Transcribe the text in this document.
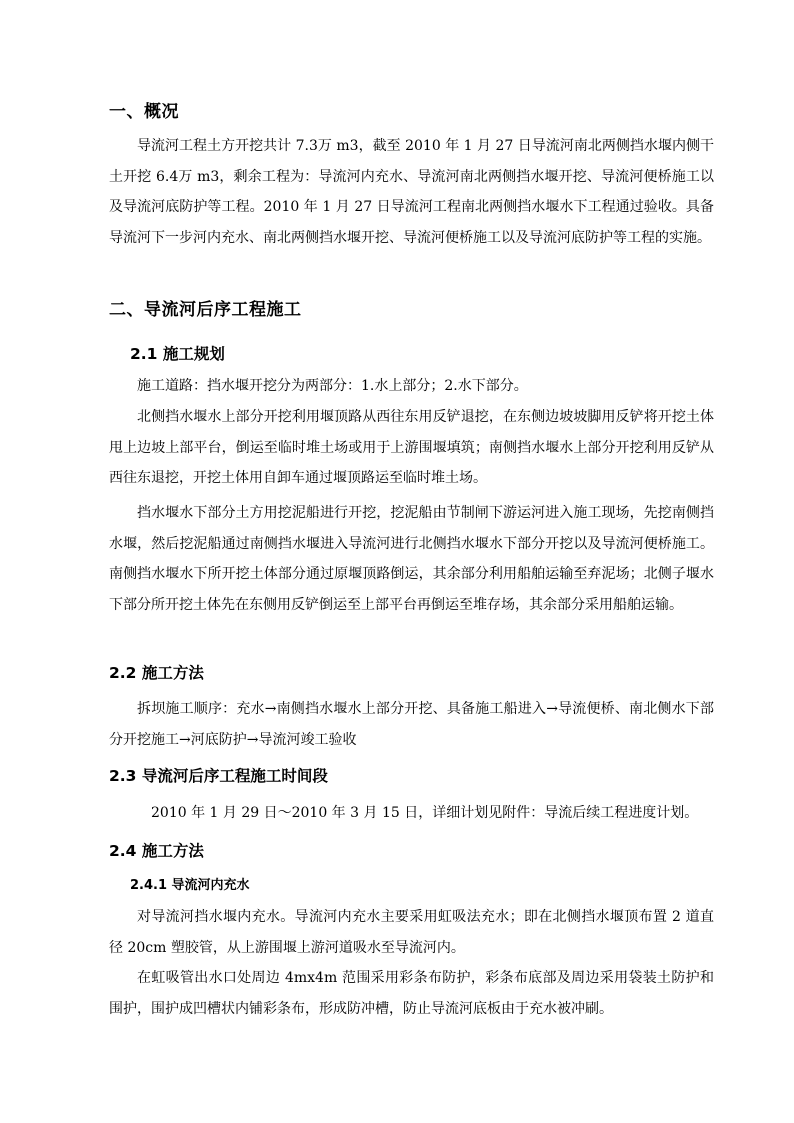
一、概况
导流河工程土方开挖共计 7.3万 m3，截至 2010 年 1 月 27 日导流河南北两侧挡水堰内侧干土开挖 6.4万 m3，剩余工程为：导流河内充水、导流河南北两侧挡水堰开挖、导流河便桥施工以及导流河底防护等工程。2010 年 1 月 27 日导流河工程南北两侧挡水堰水下工程通过验收。具备导流河下一步河内充水、南北两侧挡水堰开挖、导流河便桥施工以及导流河底防护等工程的实施。
二、导流河后序工程施工
2.1 施工规划
施工道路：挡水堰开挖分为两部分：1.水上部分；2.水下部分。
北侧挡水堰水上部分开挖利用堰顶路从西往东用反铲退挖，在东侧边坡坡脚用反铲将开挖土体甩上边坡上部平台，倒运至临时堆土场或用于上游围堰填筑；南侧挡水堰水上部分开挖利用反铲从西往东退挖，开挖土体用自卸车通过堰顶路运至临时堆土场。
挡水堰水下部分土方用挖泥船进行开挖，挖泥船由节制闸下游运河进入施工现场，先挖南侧挡水堰，然后挖泥船通过南侧挡水堰进入导流河进行北侧挡水堰水下部分开挖以及导流河便桥施工。南侧挡水堰水下所开挖土体部分通过原堰顶路倒运，其余部分利用船舶运输至弃泥场；北侧子堰水下部分所开挖土体先在东侧用反铲倒运至上部平台再倒运至堆存场，其余部分采用船舶运输。
2.2 施工方法
拆坝施工顺序：充水→南侧挡水堰水上部分开挖、具备施工船进入→导流便桥、南北侧水下部分开挖施工→河底防护→导流河竣工验收
2.3 导流河后序工程施工时间段
2010 年 1 月 29 日～2010 年 3 月 15 日，详细计划见附件：导流后续工程进度计划。
2.4 施工方法
2.4.1 导流河内充水
对导流河挡水堰内充水。导流河内充水主要采用虹吸法充水；即在北侧挡水堰顶布置 2 道直径 20cm 塑胶管，从上游围堰上游河道吸水至导流河内。
在虹吸管出水口处周边 4mx4m 范围采用彩条布防护，彩条布底部及周边采用袋装土防护和围护，围护成凹槽状内铺彩条布，形成防冲槽，防止导流河底板由于充水被冲刷。
